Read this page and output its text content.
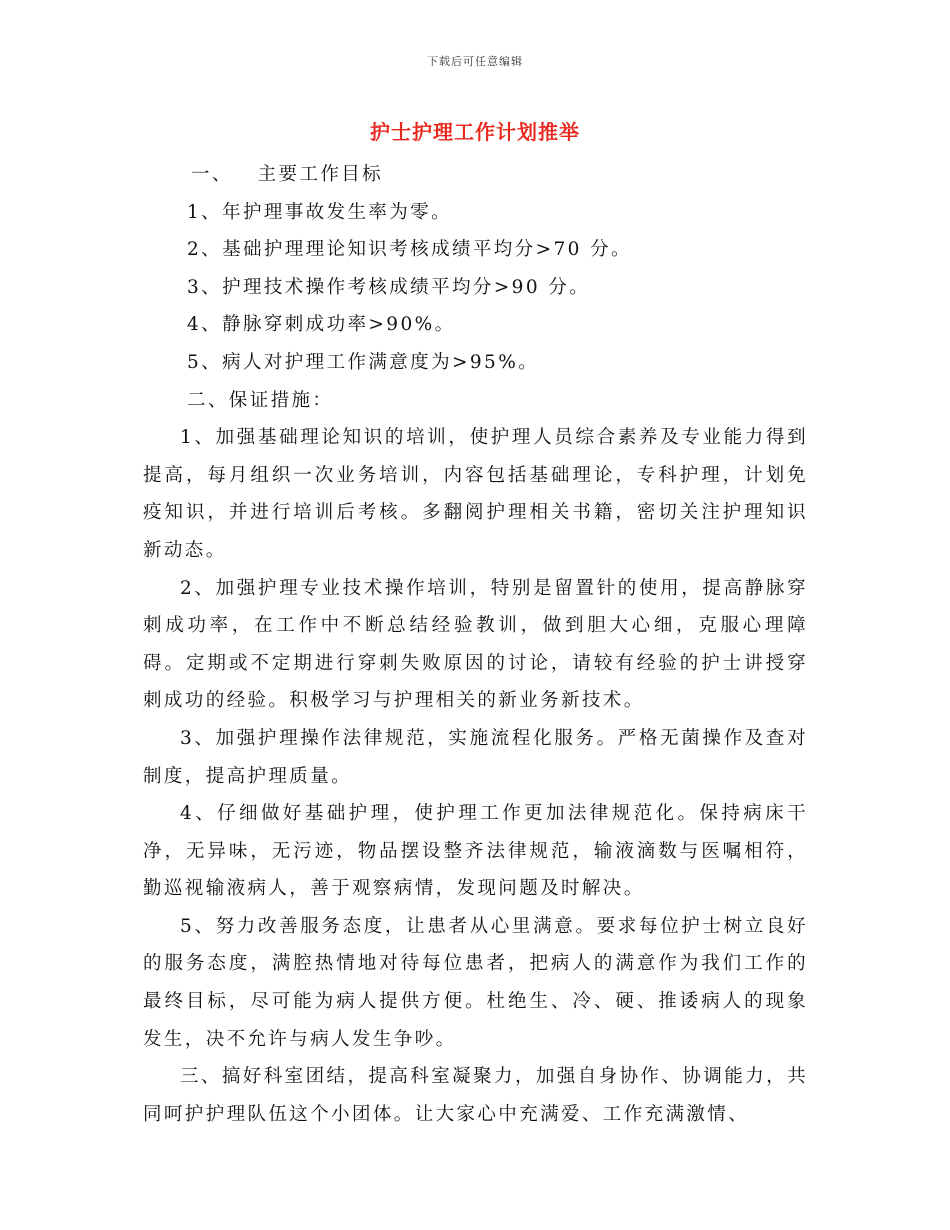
下载后可任意编辑
护士护理工作计划推举

一、   主要工作目标

1、年护理事故发生率为零。

2、基础护理理论知识考核成绩平均分>70 分。

3、护理技术操作考核成绩平均分>90 分。

4、静脉穿刺成功率>90%。

5、病人对护理工作满意度为>95%。

二、保证措施：

1、加强基础理论知识的培训，使护理人员综合素养及专业能力得到提高，每月组织一次业务培训，内容包括基础理论，专科护理，计划免疫知识，并进行培训后考核。多翻阅护理相关书籍，密切关注护理知识新动态。

2、加强护理专业技术操作培训，特别是留置针的使用，提高静脉穿刺成功率，在工作中不断总结经验教训，做到胆大心细，克服心理障碍。定期或不定期进行穿刺失败原因的讨论，请较有经验的护士讲授穿刺成功的经验。积极学习与护理相关的新业务新技术。

3、加强护理操作法律规范，实施流程化服务。严格无菌操作及查对制度，提高护理质量。

4、仔细做好基础护理，使护理工作更加法律规范化。保持病床干净，无异味，无污迹，物品摆设整齐法律规范，输液滴数与医嘱相符，勤巡视输液病人，善于观察病情，发现问题及时解决。

5、努力改善服务态度，让患者从心里满意。要求每位护士树立良好的服务态度，满腔热情地对待每位患者，把病人的满意作为我们工作的最终目标，尽可能为病人提供方便。杜绝生、冷、硬、推诿病人的现象发生，决不允许与病人发生争吵。

三、搞好科室团结，提高科室凝聚力，加强自身协作、协调能力，共同呵护护理队伍这个小团体。让大家心中充满爱、工作充满激情、
